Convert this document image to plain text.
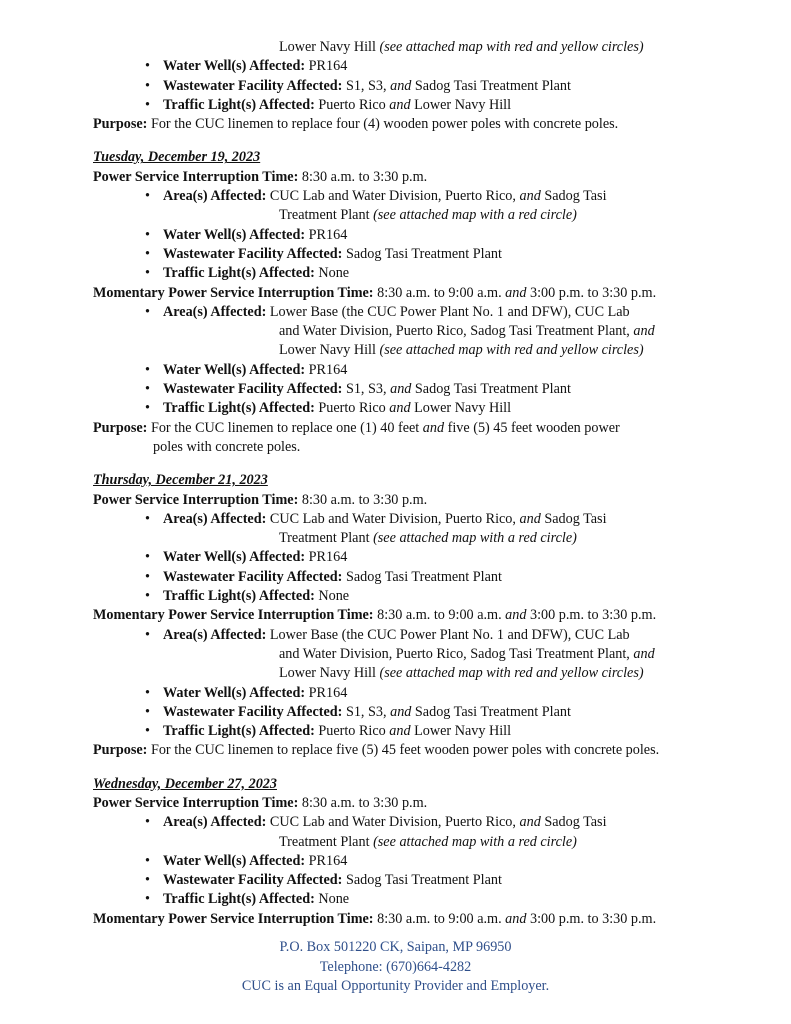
Lower Navy Hill (see attached map with red and yellow circles)
• Water Well(s) Affected: PR164
• Wastewater Facility Affected: S1, S3, and Sadog Tasi Treatment Plant
• Traffic Light(s) Affected: Puerto Rico and Lower Navy Hill
Purpose: For the CUC linemen to replace four (4) wooden power poles with concrete poles.
Tuesday, December 19, 2023
Power Service Interruption Time: 8:30 a.m. to 3:30 p.m.
• Area(s) Affected: CUC Lab and Water Division, Puerto Rico, and Sadog Tasi
Treatment Plant (see attached map with a red circle)
• Water Well(s) Affected: PR164
• Wastewater Facility Affected: Sadog Tasi Treatment Plant
• Traffic Light(s) Affected: None
Momentary Power Service Interruption Time: 8:30 a.m. to 9:00 a.m. and 3:00 p.m. to 3:30 p.m.
• Area(s) Affected: Lower Base (the CUC Power Plant No. 1 and DFW), CUC Lab
and Water Division, Puerto Rico, Sadog Tasi Treatment Plant, and
Lower Navy Hill (see attached map with red and yellow circles)
• Water Well(s) Affected: PR164
• Wastewater Facility Affected: S1, S3, and Sadog Tasi Treatment Plant
• Traffic Light(s) Affected: Puerto Rico and Lower Navy Hill
Purpose: For the CUC linemen to replace one (1) 40 feet and five (5) 45 feet wooden power
poles with concrete poles.
Thursday, December 21, 2023
Power Service Interruption Time: 8:30 a.m. to 3:30 p.m.
• Area(s) Affected: CUC Lab and Water Division, Puerto Rico, and Sadog Tasi
Treatment Plant (see attached map with a red circle)
• Water Well(s) Affected: PR164
• Wastewater Facility Affected: Sadog Tasi Treatment Plant
• Traffic Light(s) Affected: None
Momentary Power Service Interruption Time: 8:30 a.m. to 9:00 a.m. and 3:00 p.m. to 3:30 p.m.
• Area(s) Affected: Lower Base (the CUC Power Plant No. 1 and DFW), CUC Lab
and Water Division, Puerto Rico, Sadog Tasi Treatment Plant, and
Lower Navy Hill (see attached map with red and yellow circles)
• Water Well(s) Affected: PR164
• Wastewater Facility Affected: S1, S3, and Sadog Tasi Treatment Plant
• Traffic Light(s) Affected: Puerto Rico and Lower Navy Hill
Purpose: For the CUC linemen to replace five (5) 45 feet wooden power poles with concrete poles.
Wednesday, December 27, 2023
Power Service Interruption Time: 8:30 a.m. to 3:30 p.m.
• Area(s) Affected: CUC Lab and Water Division, Puerto Rico, and Sadog Tasi
Treatment Plant (see attached map with a red circle)
• Water Well(s) Affected: PR164
• Wastewater Facility Affected: Sadog Tasi Treatment Plant
• Traffic Light(s) Affected: None
Momentary Power Service Interruption Time: 8:30 a.m. to 9:00 a.m. and 3:00 p.m. to 3:30 p.m.
P.O. Box 501220 CK, Saipan, MP 96950
Telephone: (670)664-4282
CUC is an Equal Opportunity Provider and Employer.
